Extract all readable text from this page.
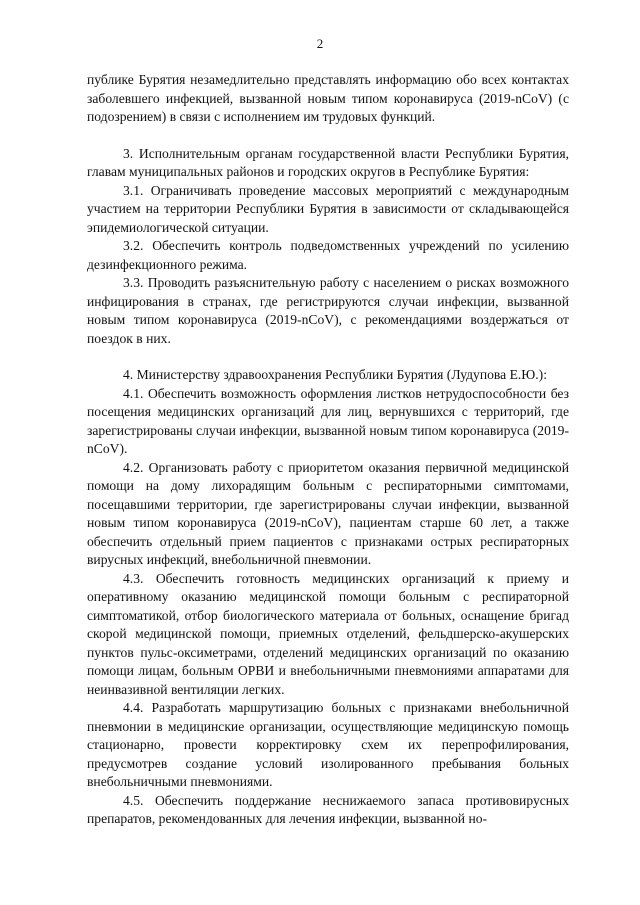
2

публике Бурятия незамедлительно представлять информацию обо всех контактах заболевшего инфекцией, вызванной новым типом коронавируса (2019-nCoV) (с подозрением) в связи с исполнением им трудовых функций.

3. Исполнительным органам государственной власти Республики Бурятия, главам муниципальных районов и городских округов в Республике Бурятия:

3.1. Ограничивать проведение массовых мероприятий с международным участием на территории Республики Бурятия в зависимости от складывающейся эпидемиологической ситуации.

3.2. Обеспечить контроль подведомственных учреждений по усилению дезинфекционного режима.

3.3. Проводить разъяснительную работу с населением о рисках возможного инфицирования в странах, где регистрируются случаи инфекции, вызванной новым типом коронавируса (2019-nCoV), с рекомендациями воздержаться от поездок в них.

4. Министерству здравоохранения Республики Бурятия (Лудупова Е.Ю.):

4.1. Обеспечить возможность оформления листков нетрудоспособности без посещения медицинских организаций для лиц, вернувшихся с территорий, где зарегистрированы случаи инфекции, вызванной новым типом коронавируса (2019-nCoV).

4.2. Организовать работу с приоритетом оказания первичной медицинской помощи на дому лихорадящим больным с респираторными симптомами, посещавшими территории, где зарегистрированы случаи инфекции, вызванной новым типом коронавируса (2019-nCoV), пациентам старше 60 лет, а также обеспечить отдельный прием пациентов с признаками острых респираторных вирусных инфекций, внебольничной пневмонии.

4.3. Обеспечить готовность медицинских организаций к приему и оперативному оказанию медицинской помощи больным с респираторной симптоматикой, отбор биологического материала от больных, оснащение бригад скорой медицинской помощи, приемных отделений, фельдшерско-акушерских пунктов пульс-оксиметрами, отделений медицинских организаций по оказанию помощи лицам, больным ОРВИ и внебольничными пневмониями аппаратами для неинвазивной вентиляции легких.

4.4. Разработать маршрутизацию больных с признаками внебольничной пневмонии в медицинские организации, осуществляющие медицинскую помощь стационарно, провести корректировку схем их перепрофилирования, предусмотрев создание условий изолированного пребывания больных внебольничными пневмониями.

4.5. Обеспечить поддержание неснижаемого запаса противовирусных препаратов, рекомендованных для лечения инфекции, вызванной но-
